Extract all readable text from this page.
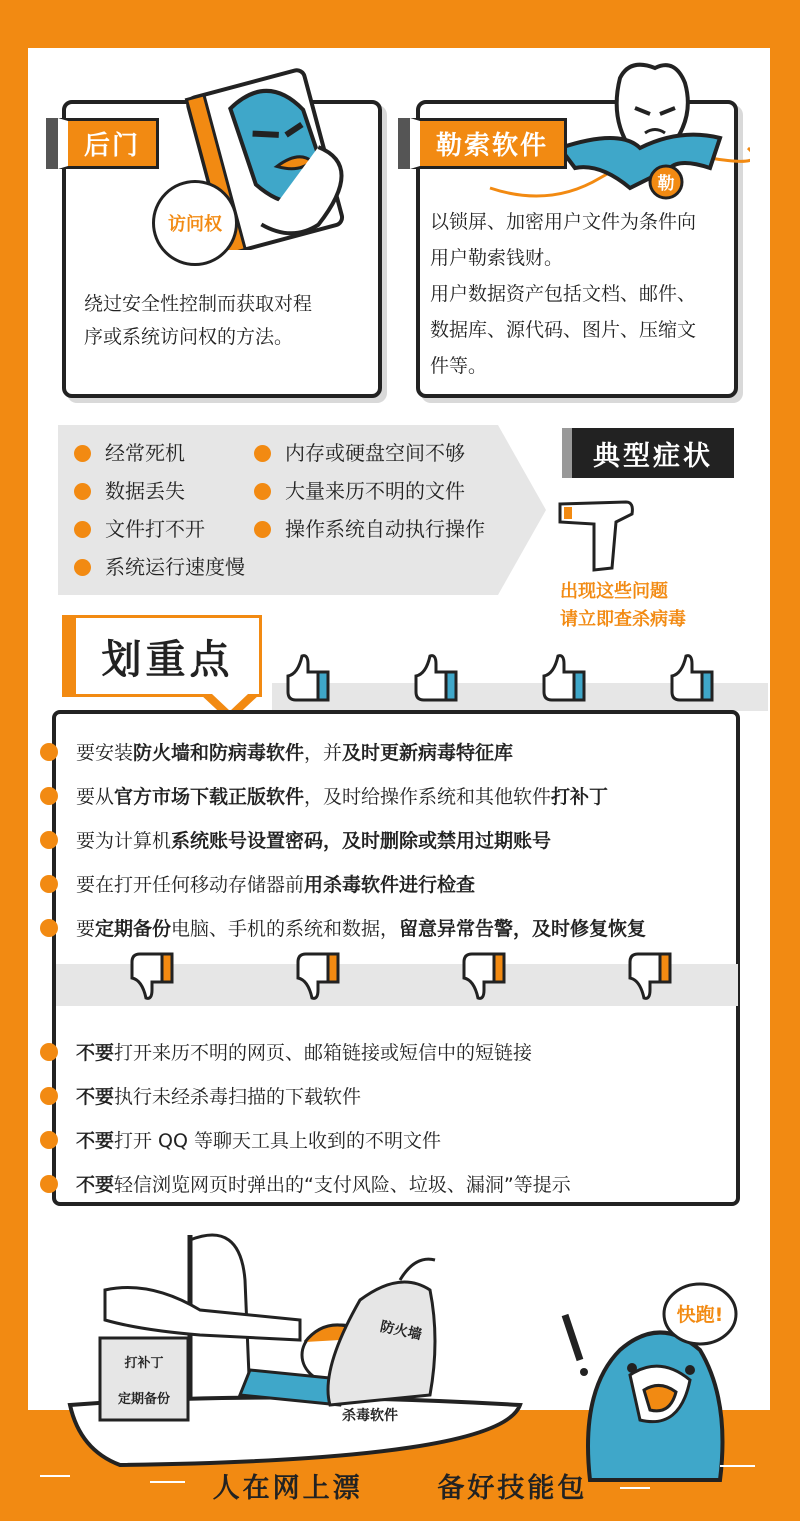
访问权
后门
绕过安全性控制而获取对程
序或系统访问权的方法。
勒
勒索软件
以锁屏、加密用户文件为条件向
用户勒索钱财。
用户数据资产包括文档、邮件、
数据库、源代码、图片、压缩文
件等。
经常死机	内存或硬盘空间不够
数据丢失	大量来历不明的文件
文件打不开	操作系统自动执行操作
系统运行速度慢
典型症状
出现这些问题
请立即查杀病毒
划重点
要安装防火墙和防病毒软件，并及时更新病毒特征库
要从官方市场下载正版软件，及时给操作系统和其他软件打补丁
要为计算机系统账号设置密码，及时删除或禁用过期账号
要在打开任何移动存储器前用杀毒软件进行检查
要定期备份电脑、手机的系统和数据，留意异常告警，及时修复恢复
不要打开来历不明的网页、邮箱链接或短信中的短链接
不要执行未经杀毒扫描的下载软件
不要打开 QQ 等聊天工具上收到的不明文件
不要轻信浏览网页时弹出的“支付风险、垃圾、漏洞”等提示
打补丁
定期备份
防火墙
杀毒软件
快跑!
人在网上漂	备好技能包
